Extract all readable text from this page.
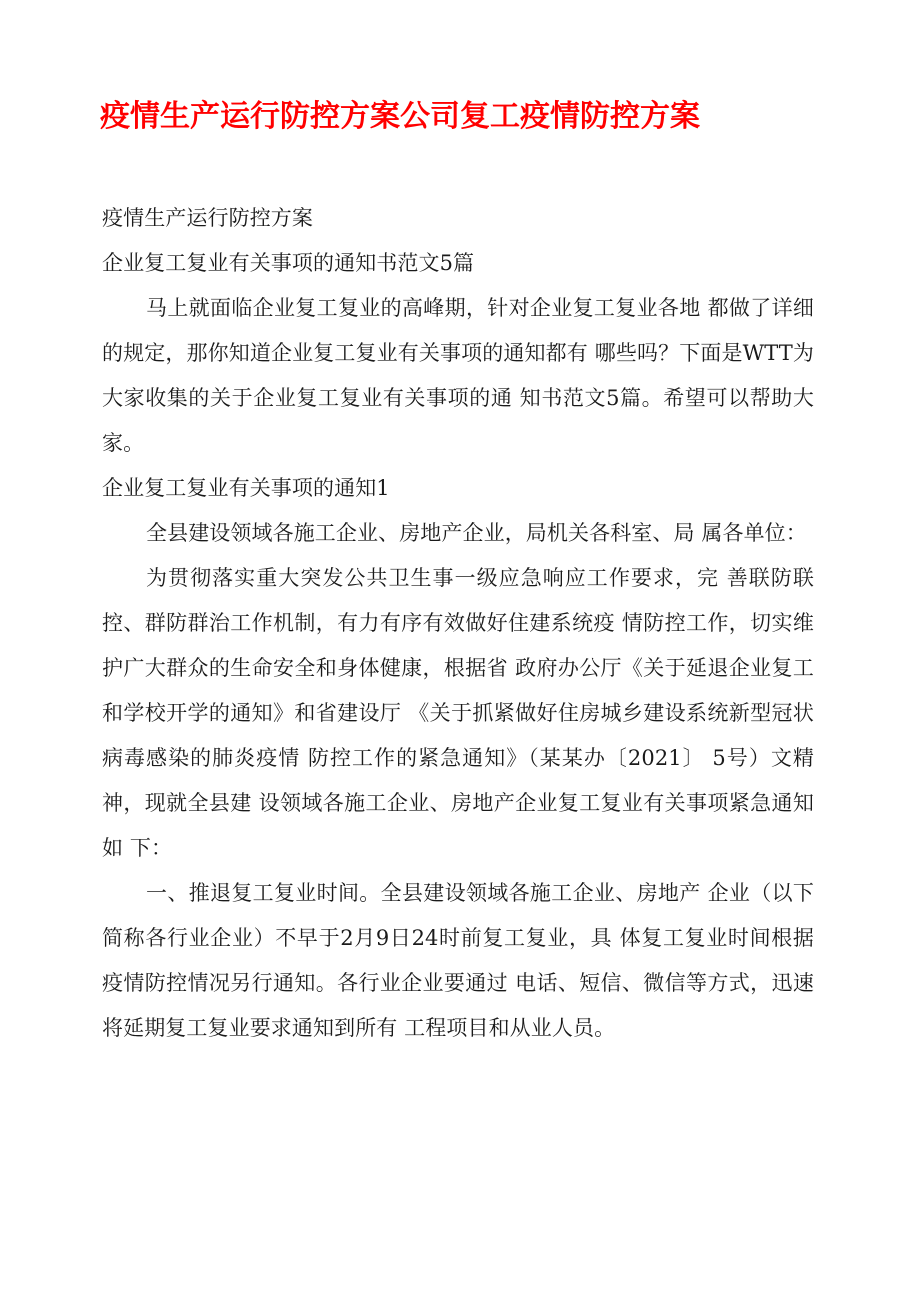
疫情生产运行防控方案公司复工疫情防控方案

疫情生产运行防控方案

企业复工复业有关事项的通知书范文5篇

马上就面临企业复工复业的高峰期，针对企业复工复业各地 都做了详细的规定，那你知道企业复工复业有关事项的通知都有 哪些吗？下面是WTT为大家收集的关于企业复工复业有关事项的通 知书范文5篇。希望可以帮助大家。

企业复工复业有关事项的通知1

全县建设领域各施工企业、房地产企业，局机关各科室、局 属各单位：

为贯彻落实重大突发公共卫生事一级应急响应工作要求，完 善联防联控、群防群治工作机制，有力有序有效做好住建系统疫 情防控工作，切实维护广大群众的生命安全和身体健康，根据省 政府办公厅《关于延退企业复工和学校开学的通知》和省建设厅 《关于抓紧做好住房城乡建设系统新型冠状病毒感染的肺炎疫情 防控工作的紧急通知》（某某办〔2021〕 5号）文精神，现就全县建 设领域各施工企业、房地产企业复工复业有关事项紧急通知如 下：

一、推退复工复业时间。全县建设领域各施工企业、房地产 企业（以下简称各行业企业）不早于2月9日24时前复工复业，具 体复工复业时间根据疫情防控情况另行通知。各行业企业要通过 电话、短信、微信等方式，迅速将延期复工复业要求通知到所有 工程项目和从业人员。
